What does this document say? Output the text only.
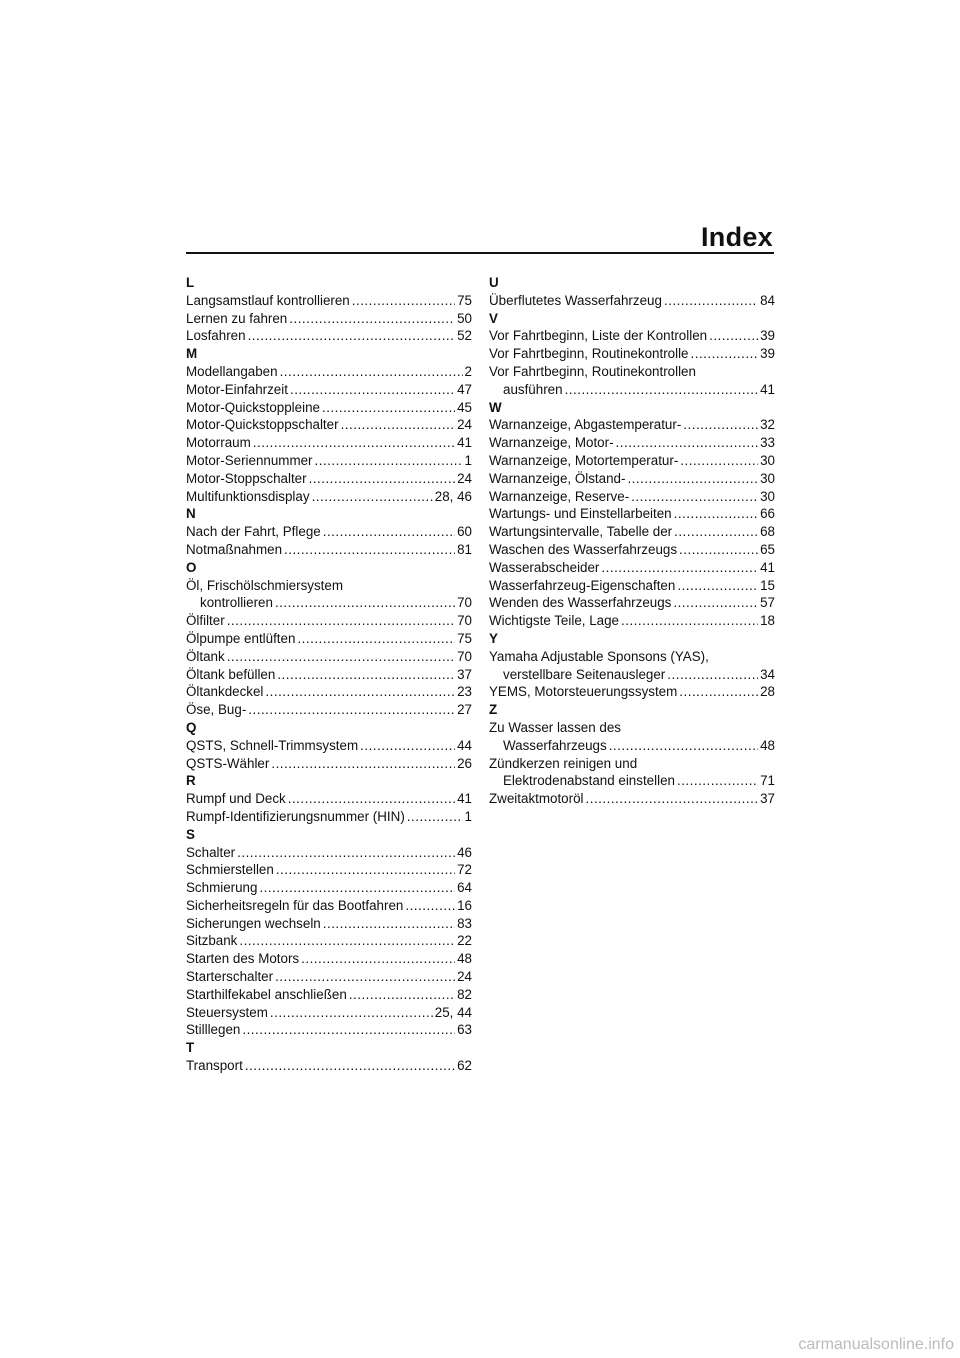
Index
L
Langsamstlauf kontrollieren .....	75
Lernen zu fahren .....	50
Losfahren .....	52
M
Modellangaben .....	2
Motor-Einfahrzeit .....	47
Motor-Quickstoppleine .....	45
Motor-Quickstoppschalter .....	24
Motorraum .....	41
Motor-Seriennummer .....	1
Motor-Stoppschalter .....	24
Multifunktionsdisplay .....	28, 46
N
Nach der Fahrt, Pflege .....	60
Notmaßnahmen .....	81
O
Öl, Frischölschmiersystem
kontrollieren .....	70
Ölfilter .....	70
Ölpumpe entlüften .....	75
Öltank .....	70
Öltank befüllen .....	37
Öltankdeckel .....	23
Öse, Bug- .....	27
Q
QSTS, Schnell-Trimmsystem .....	44
QSTS-Wähler .....	26
R
Rumpf und Deck .....	41
Rumpf-Identifizierungsnummer (HIN) .....	1
S
Schalter .....	46
Schmierstellen .....	72
Schmierung .....	64
Sicherheitsregeln für das Bootfahren .....	16
Sicherungen wechseln .....	83
Sitzbank .....	22
Starten des Motors .....	48
Starterschalter .....	24
Starthilfekabel anschließen .....	82
Steuersystem .....	25, 44
Stilllegen .....	63
T
Transport .....	62
U
Überflutetes Wasserfahrzeug .....	84
V
Vor Fahrtbeginn, Liste der Kontrollen .....	39
Vor Fahrtbeginn, Routinekontrolle .....	39
Vor Fahrtbeginn, Routinekontrollen
ausführen .....	41
W
Warnanzeige, Abgastemperatur- .....	32
Warnanzeige, Motor- .....	33
Warnanzeige, Motortemperatur- .....	30
Warnanzeige, Ölstand- .....	30
Warnanzeige, Reserve- .....	30
Wartungs- und Einstellarbeiten .....	66
Wartungsintervalle, Tabelle der .....	68
Waschen des Wasserfahrzeugs .....	65
Wasserabscheider .....	41
Wasserfahrzeug-Eigenschaften .....	15
Wenden des Wasserfahrzeugs .....	57
Wichtigste Teile, Lage .....	18
Y
Yamaha Adjustable Sponsons (YAS),
verstellbare Seitenausleger .....	34
YEMS, Motorsteuerungssystem .....	28
Z
Zu Wasser lassen des
Wasserfahrzeugs .....	48
Zündkerzen reinigen und
Elektrodenabstand einstellen .....	71
Zweitaktmotoröl .....	37
carmanualsonline.info
